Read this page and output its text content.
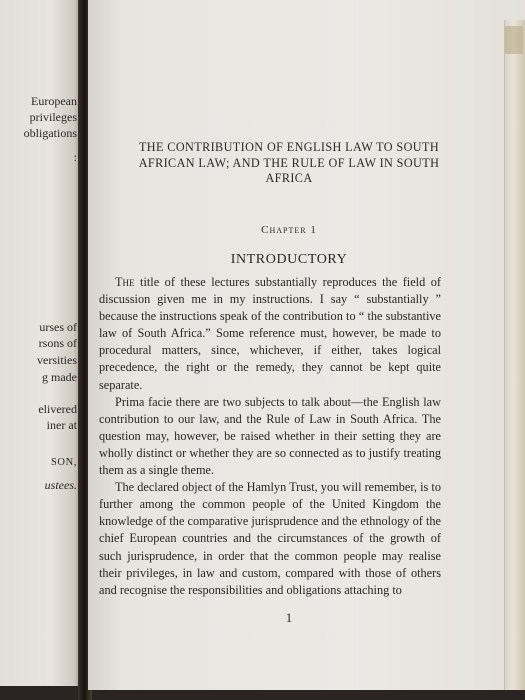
European
privileges
obligations
:
urses of
rsons of
versities
g made
elivered
iner at
SON,
ustees.
THE CONTRIBUTION OF ENGLISH LAW TO SOUTH AFRICAN LAW; AND THE RULE OF LAW IN SOUTH AFRICA
Chapter 1
INTRODUCTORY

The title of these lectures substantially reproduces the field of discussion given me in my instructions. I say “ substantially ” because the instructions speak of the contribution to “ the substantive law of South Africa.” Some reference must, however, be made to procedural matters, since, whichever, if either, takes logical precedence, the right or the remedy, they cannot be kept quite separate.

Prima facie there are two subjects to talk about—the English law contribution to our law, and the Rule of Law in South Africa. The question may, however, be raised whether in their setting they are wholly distinct or whether they are so connected as to justify treating them as a single theme.

The declared object of the Hamlyn Trust, you will remember, is to further among the common people of the United Kingdom the knowledge of the comparative jurisprudence and the ethnology of the chief European countries and the circumstances of the growth of such jurisprudence, in order that the common people may realise their privileges, in law and custom, compared with those of others and recognise the responsibilities and obligations attaching to

1
